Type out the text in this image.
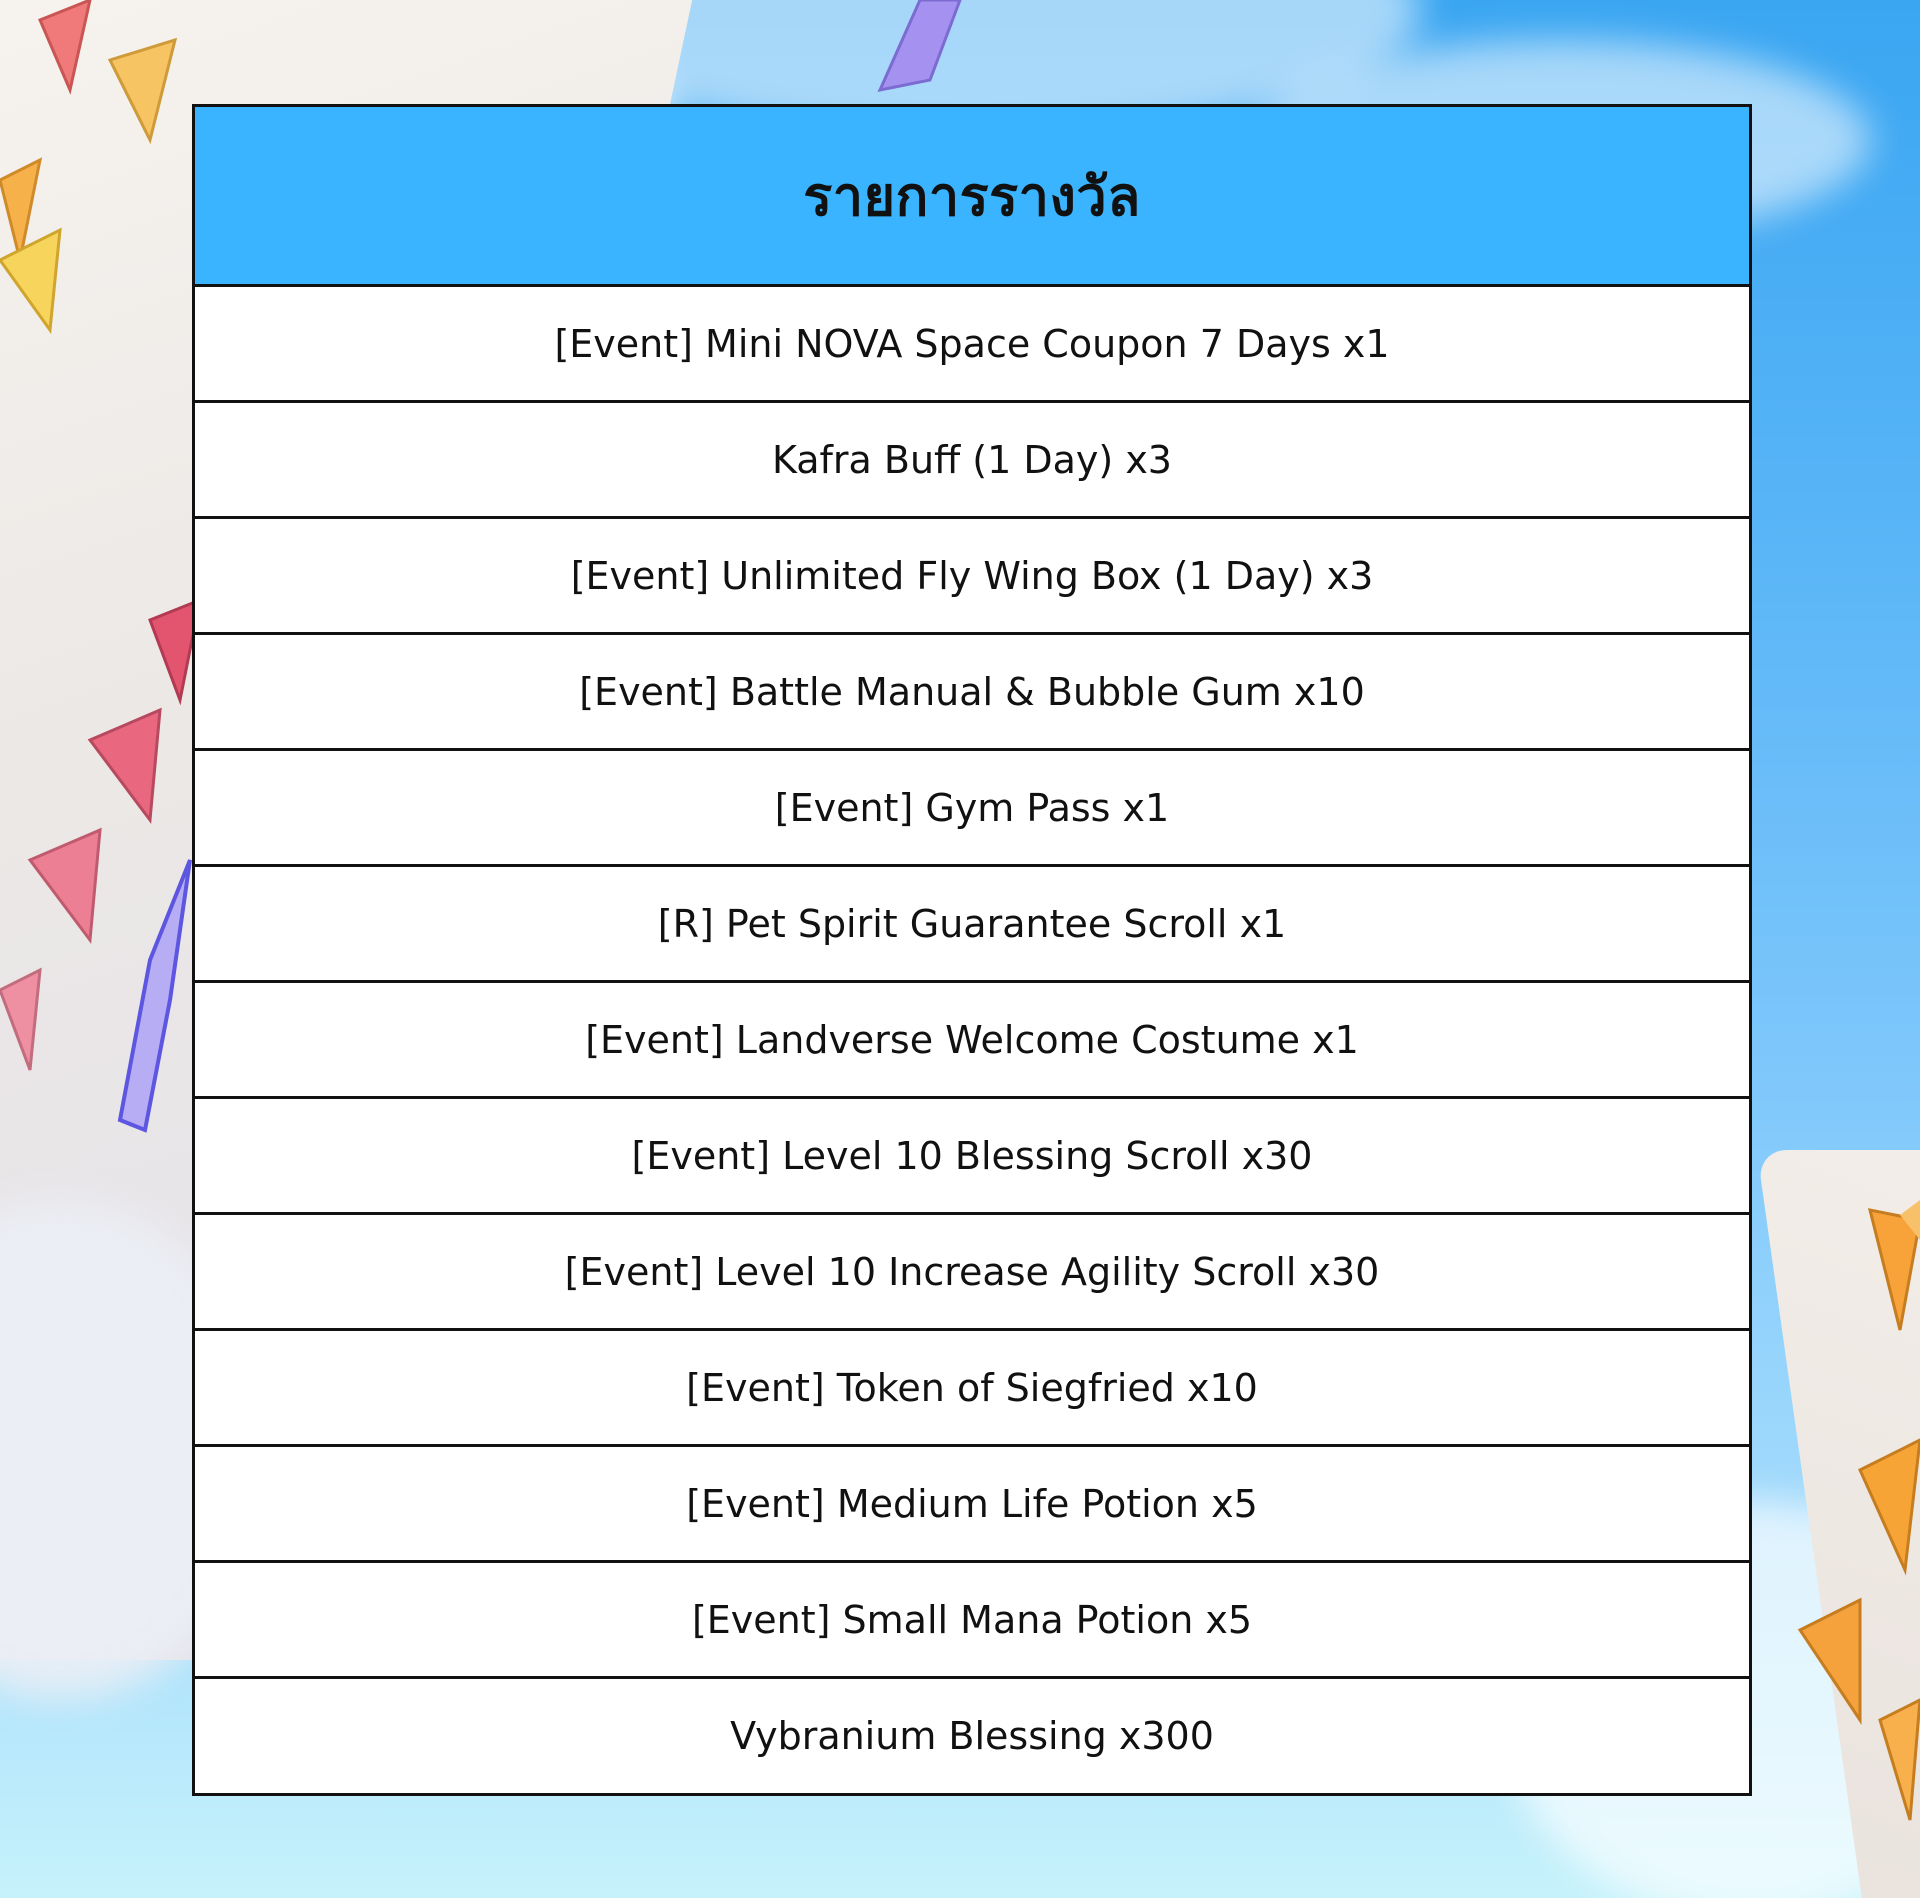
รายการรางวัล
[Event] Mini NOVA Space Coupon 7 Days x1
Kafra Buff (1 Day) x3
[Event] Unlimited Fly Wing Box (1 Day) x3
[Event] Battle Manual & Bubble Gum x10
[Event] Gym Pass x1
[R] Pet Spirit Guarantee Scroll x1
[Event] Landverse Welcome Costume x1
[Event] Level 10 Blessing Scroll x30
[Event] Level 10 Increase Agility Scroll x30
[Event] Token of Siegfried x10
[Event] Medium Life Potion x5
[Event] Small Mana Potion x5
Vybranium Blessing x300
